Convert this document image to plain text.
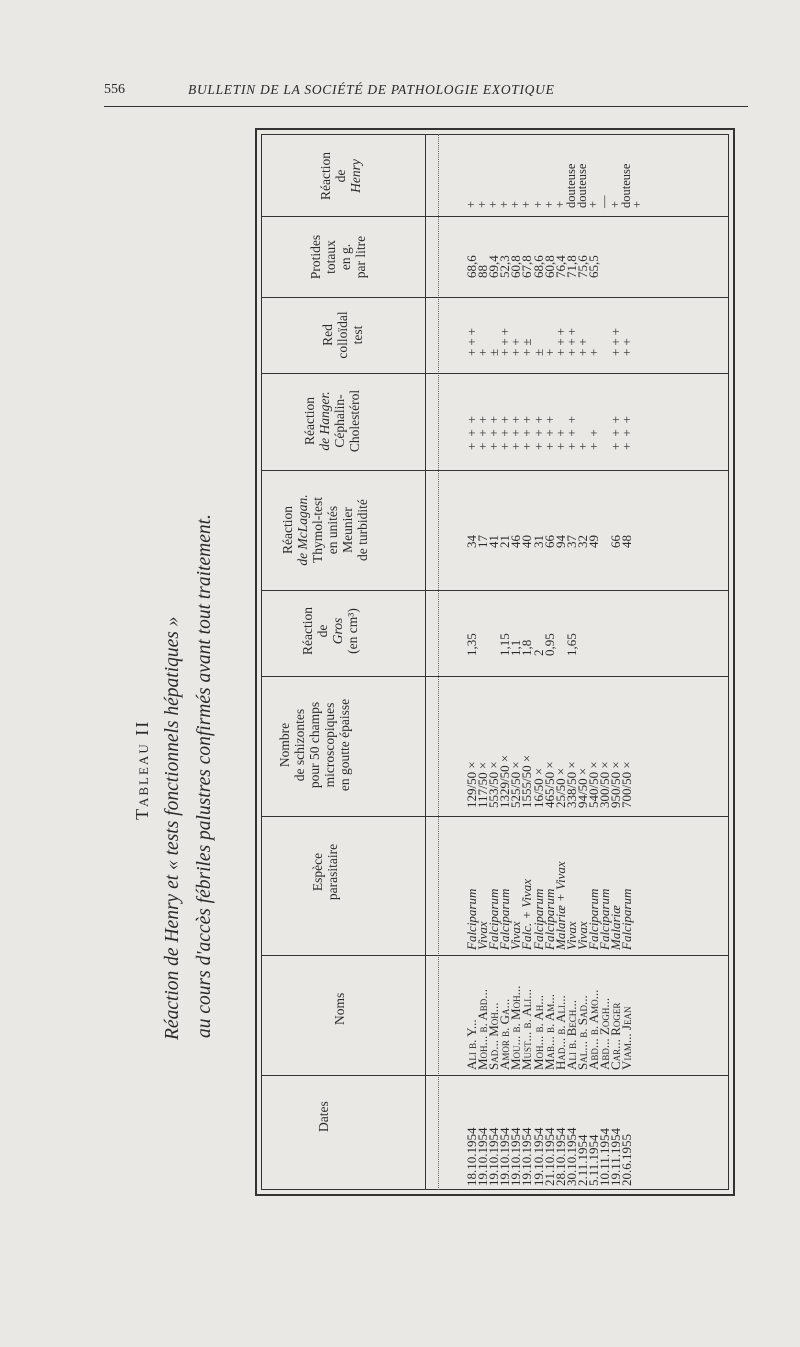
556	BULLETIN DE LA SOCIÉTÉ DE PATHOLOGIE EXOTIQUE
Tableau II Réaction de Henry et « tests fonctionnels hépatiques » au cours d'accès fébriles palustres confirmés avant tout traitement.
Dates
Noms
Espèce parasitaire
Nombre de schizontes pour 50 champs microscopiques en goutte épaisse
Réaction de Gros (en cm³)
Réaction de McLagan. Thymol-test en unités Meunier de turbidité
Réaction de Hanger. Céphalin- Cholestérol
Red colloïdal test
Protides totaux en g. par litre
Réaction de Henry
18.10.1954
19.10.1954
19.10.1954
19.10.1954
19.10.1954
19.10.1954
19.10.1954
21.10.1954
28.10.1954
30.10.1954
2.11.1954
5.11.1954
10.11.1954
19.11.1954
20.6.1955
Ali b. Y...
Moh... b. Abd...
Sad... Moh...
Amor b. Ga...
Mou... b. Moh...
Must... b. Ali...
Moh... b. Ah...
Mab... b. Am...
Had... b. Ali...
Ali b. Bech...
Sal... b. Sad...
Abd... b. Amo...
Abd... Zogh...
Car... Roger
Viam... Jean
Falciparum
Vivax
Falciparum
Falciparum
Vivax
Falc. + Vivax
Falciparum
Falciparum
Malariæ + Vivax
Vivax
Vivax
Falciparum
Falciparum
Malariæ
Falciparum
129/50 ×
117/50 ×
553/50 ×
1329/50 ×
525/50 ×
1555/50 ×
16/50 ×
465/50 ×
25/50 ×
338/50 ×
94/50 ×
540/50 ×
300/50 ×
950/50 ×
700/50 ×
1,35 1,15
1,1
1,8
2
0,95 1,65
34
17
41
21
46
40
31
66
94
37
32
49 66
48
+++
+++
+++
+++
+++
+++
+++
+++
++
+++
+
++ +++
+++
+++
+
±
+++
++
+±
±
+
+++
+++
++
+ +++
++
68,6
88
69,4
52,3
60,8
67,8
68,6
60,8
76,4
71,8
75,6
65,5
+
+
+
+
+
+
+
+
+
douteuse
douteuse
+
—
+
douteuse
+
